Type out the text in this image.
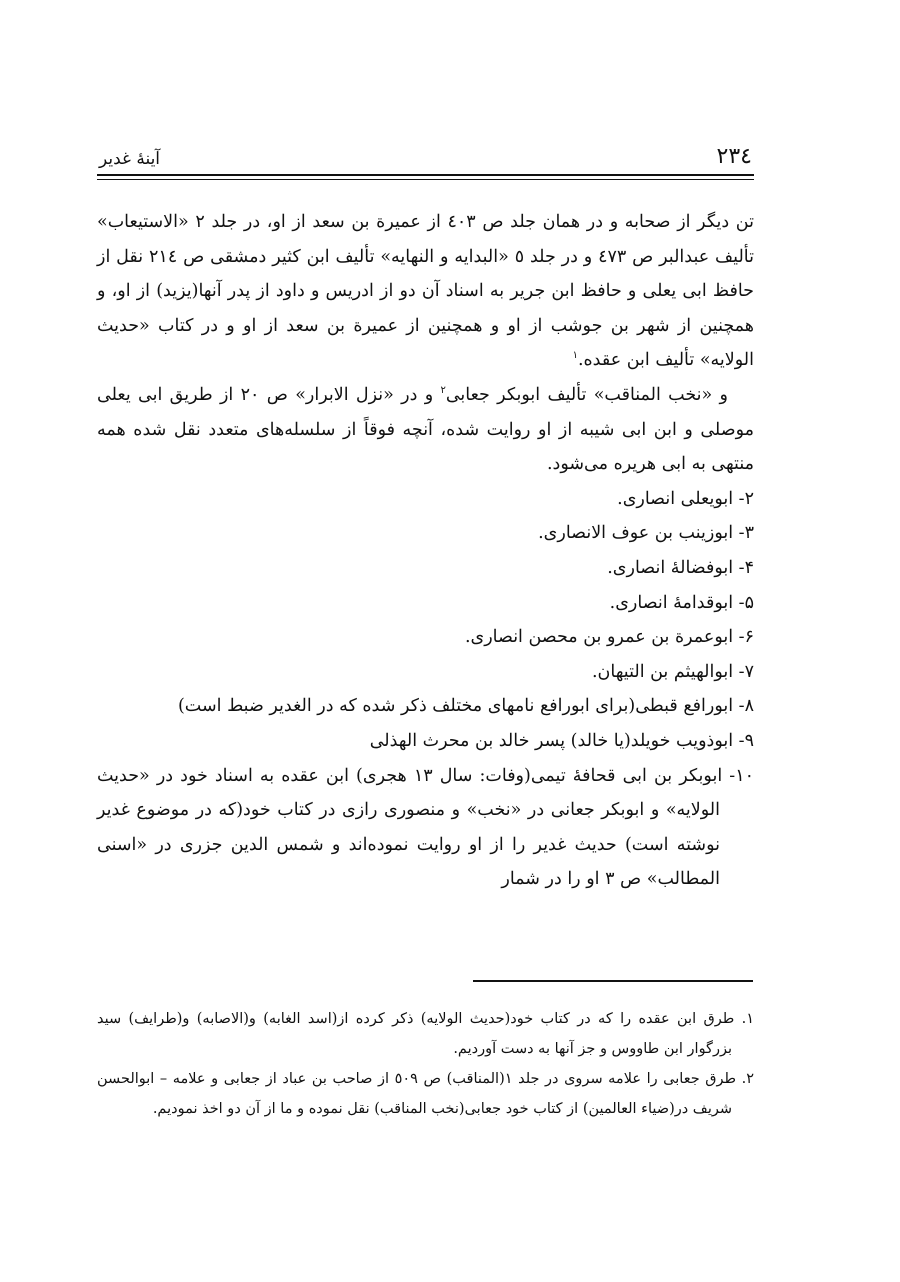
٢٣٤
آینهٔ غدیر

تن دیگر از صحابه و در همان جلد ص ٤٠٣ از عمیرة بن سعد از او، در جلد ٢ «الاستیعاب» تألیف عبدالبر ص ٤٧٣ و در جلد ٥ «البدایه و النهایه» تألیف ابن کثیر دمشقی ص ٢١٤ نقل از حافظ ابی یعلی و حافظ ابن جریر به اسناد آن دو از ادریس و داود از پدر آنها(یزید) از او، و همچنین از شهر بن جوشب از او و همچنین از عمیرة بن سعد از او و در کتاب «حدیث الولایه» تألیف ابن عقده.$^١$

و «نخب المناقب» تألیف ابوبکر جعابی$^٢$ و در «نزل الابرار» ص ٢٠ از طریق ابی یعلی موصلی و ابن ابی شیبه از او روایت شده، آنچه فوقاً از سلسله‌های متعدد نقل شده همه منتهی به ابی هریره می‌شود.

٢- ابویعلی انصاری.
٣- ابوزینب بن عوف الانصاری.
۴- ابوفضالهٔ انصاری.
۵- ابوقدامهٔ انصاری.
۶- ابوعمرة بن عمرو بن محصن انصاری.
٧- ابوالهیثم بن التیهان.
٨- ابورافع قبطی(برای ابورافع نامهای مختلف ذکر شده که در الغدیر ضبط است)
٩- ابوذویب خویلد(یا خالد) پسر خالد بن محرث الهذلی
١٠- ابوبکر بن ابی قحافهٔ تیمی(وفات: سال ١٣ هجری) ابن عقده به اسناد خود در «حدیث الولایه» و ابوبکر جعانی در «نخب» و منصوری رازی در کتاب خود(که در موضوع غدیر نوشته است) حدیث غدیر را از او روایت نموده‌اند و شمس الدین جزری در «اسنی المطالب» ص ٣ او را در شمار

١. طرق ابن عقده را که در کتاب خود(حدیث الولایه) ذکر کرده از(اسد الغابه) و(الاصابه) و(طرایف) سید بزرگوار ابن طاووس و جز آنها به دست آوردیم.

٢. طرق جعابی را علامه سروی در جلد ١(المناقب) ص ٥٠٩ از صاحب بن عباد از جعابی و علامه – ابوالحسن شریف در(ضیاء العالمین) از کتاب خود جعابی(نخب المناقب) نقل نموده و ما از آن دو اخذ نمودیم.
